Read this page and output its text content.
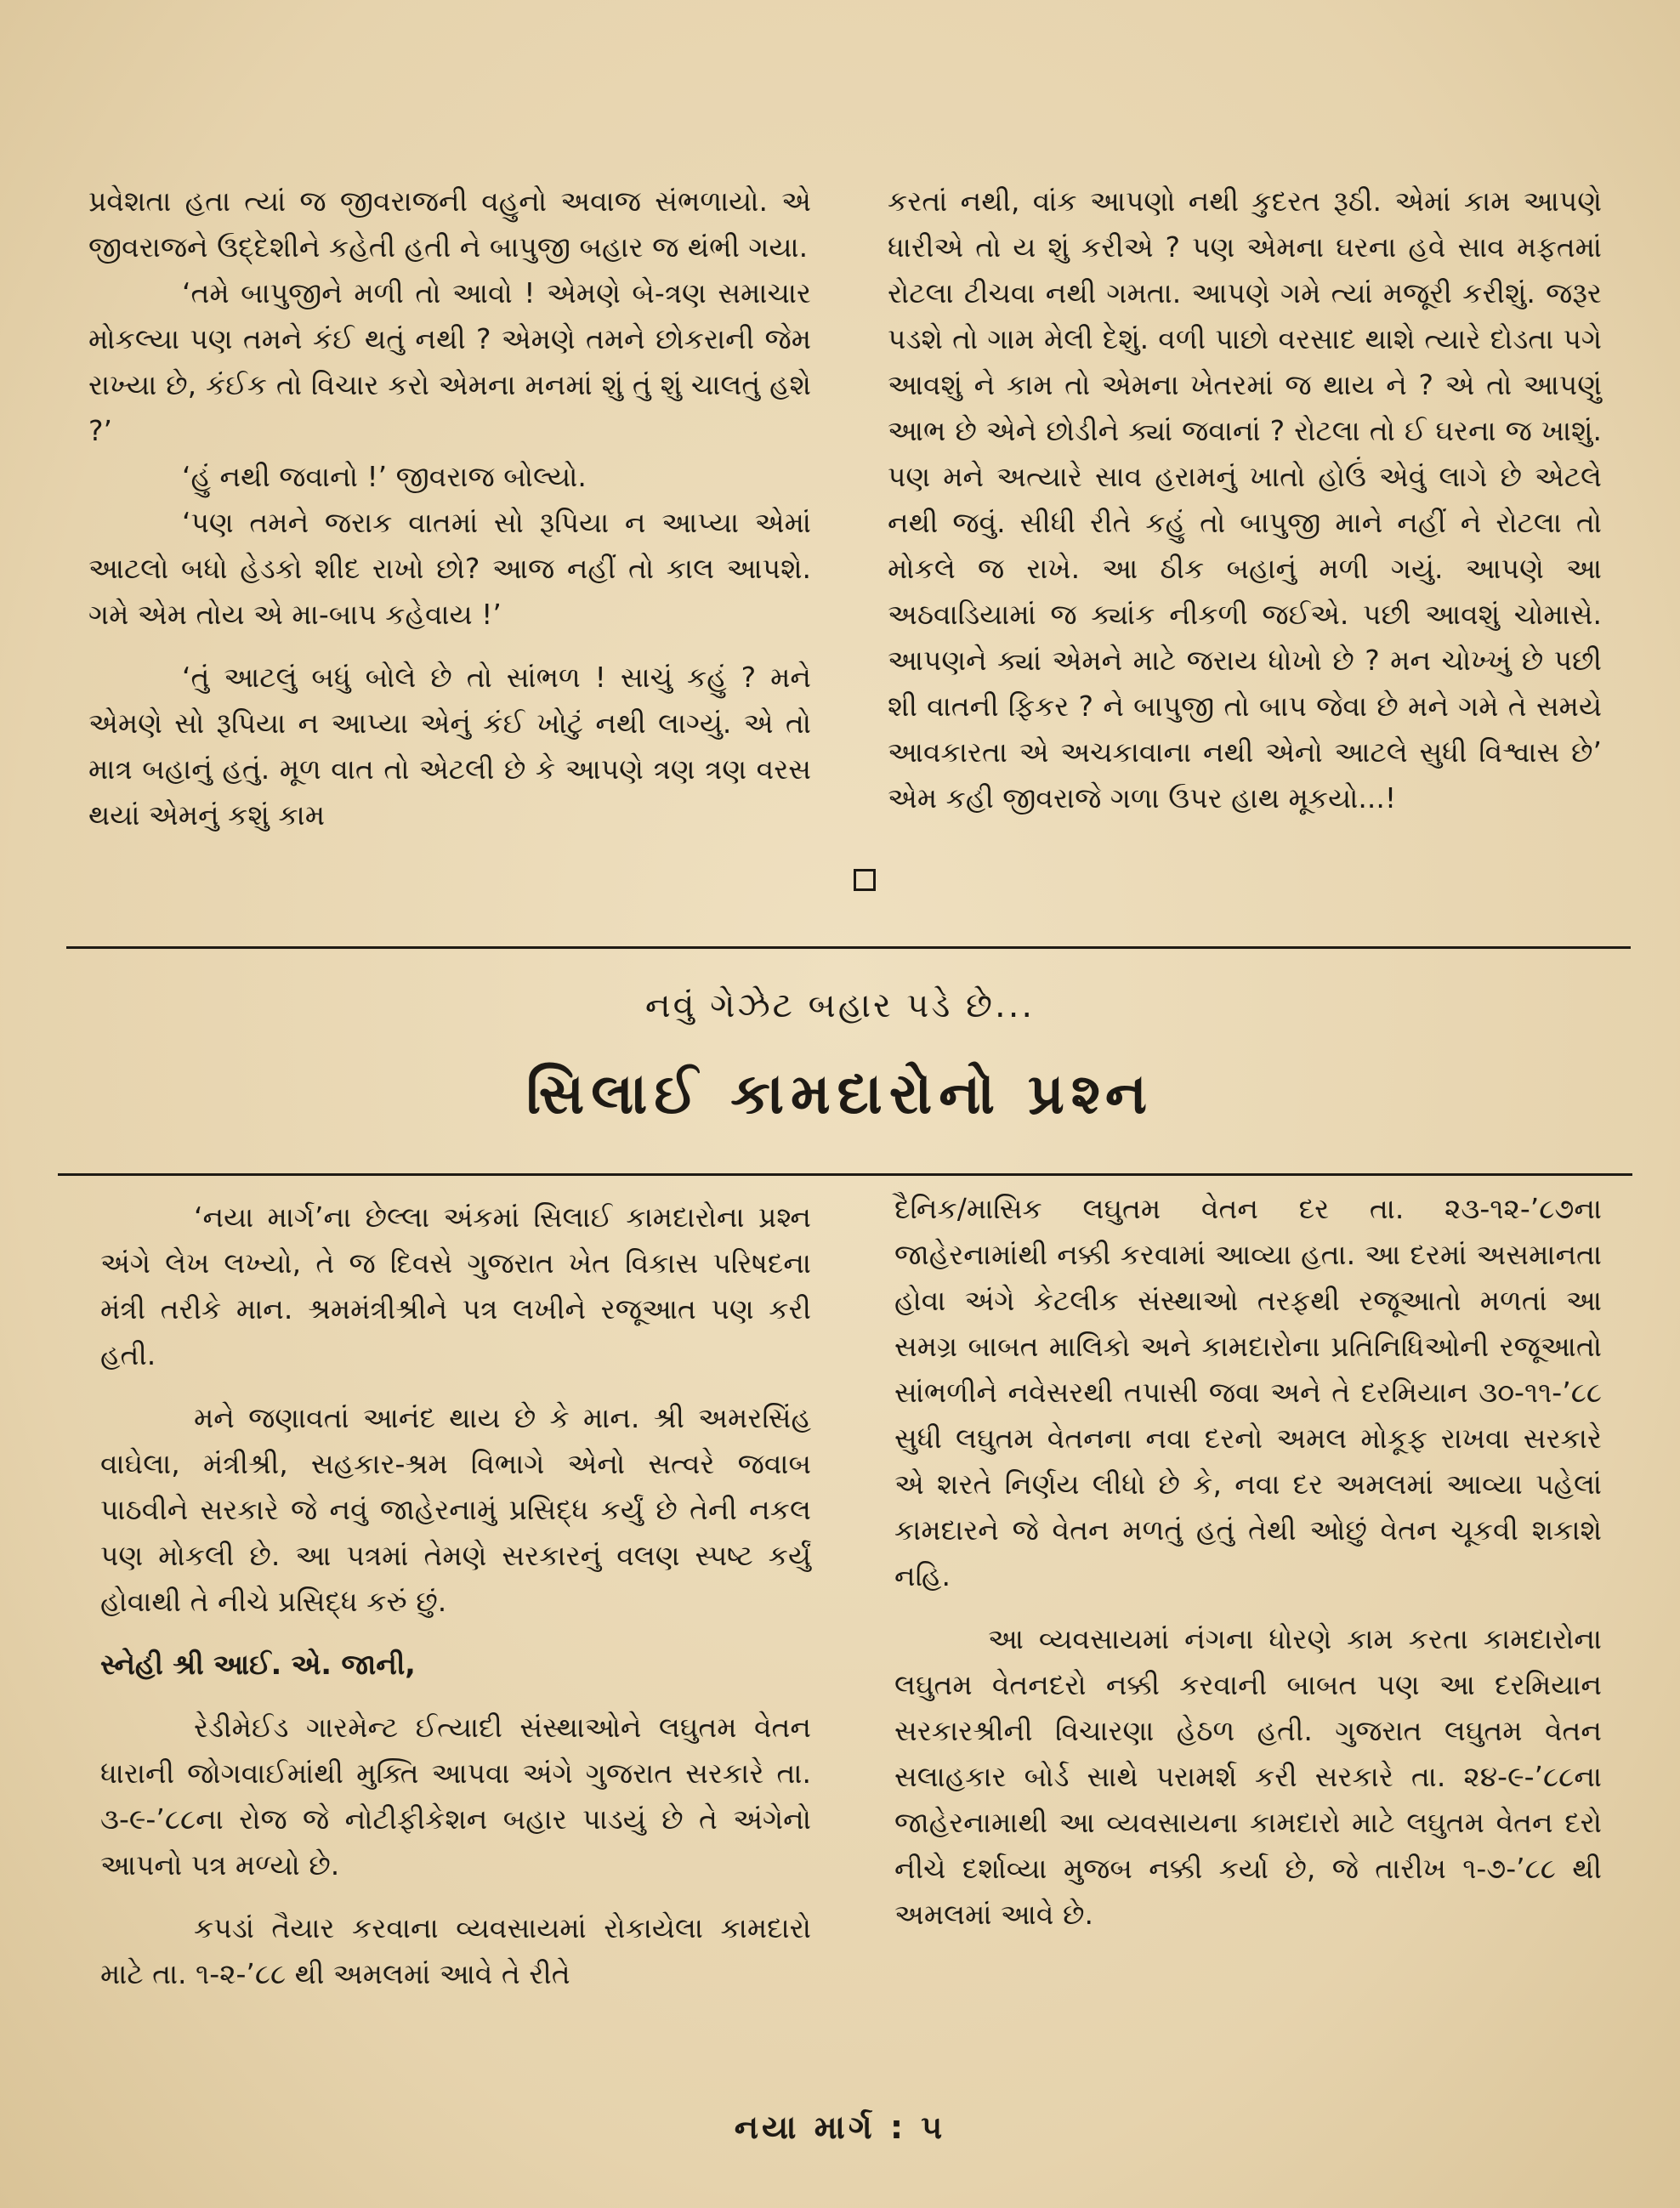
પ્રવેશતા હતા ત્યાં જ જીવરાજની વહુનો અવાજ સંભળાયો. એ જીવરાજને ઉદ્દેશીને કહેતી હતી ને બાપુજી બહાર જ થંભી ગયા.

‘તમે બાપુજીને મળી તો આવો ! એમણે બે-ત્રણ સમાચાર મોકલ્યા પણ તમને કંઈ થતું નથી ? એમણે તમને છોકરાની જેમ રાખ્યા છે, કંઈક તો વિચાર કરો એમના મનમાં શું તું શું ચાલતું હશે ?’

‘હું નથી જવાનો !’ જીવરાજ બોલ્યો.

‘પણ તમને જરાક વાતમાં સો રૂપિયા ન આપ્યા એમાં આટલો બધો હેડકો શીદ રાખો છો? આજ નહીં તો કાલ આપશે. ગમે એમ તોય એ મા-બાપ કહેવાય !’

‘તું આટલું બધું બોલે છે તો સાંભળ ! સાચું કહું ? મને એમણે સો રૂપિયા ન આપ્યા એનું કંઈ ખોટું નથી લાગ્યું. એ તો માત્ર બહાનું હતું. મૂળ વાત તો એટલી છે કે આપણે ત્રણ ત્રણ વરસ થયાં એમનું કશું કામ

કરતાં નથી, વાંક આપણો નથી કુદરત રૂઠી. એમાં કામ આપણે ધારીએ તો ય શું કરીએ ? પણ એમના ઘરના હવે સાવ મફતમાં રોટલા ટીચવા નથી ગમતા. આપણે ગમે ત્યાં મજૂરી કરીશું. જરૂર પડશે તો ગામ મેલી દેશું. વળી પાછો વરસાદ થાશે ત્યારે દોડતા પગે આવશું ને કામ તો એમના ખેતરમાં જ થાય ને ? એ તો આપણું આભ છે એને છોડીને ક્યાં જવાનાં ? રોટલા તો ઈ ઘરના જ ખાશું. પણ મને અત્યારે સાવ હરામનું ખાતો હોઉં એવું લાગે છે એટલે નથી જવું. સીધી રીતે કહું તો બાપુજી માને નહીં ને રોટલા તો મોકલે જ રાખે. આ ઠીક બહાનું મળી ગયું. આપણે આ અઠવાડિયામાં જ ક્યાંક નીકળી જઈએ. પછી આવશું ચોમાસે. આપણને ક્યાં એમને માટે જરાય ધોખો છે ? મન ચોખ્ખું છે પછી શી વાતની ફિકર ? ને બાપુજી તો બાપ જેવા છે મને ગમે તે સમયે આવકારતા એ અચકાવાના નથી એનો આટલે સુધી વિશ્વાસ છે’ એમ કહી જીવરાજે ગળા ઉપર હાથ મૂકયો...!

નવું ગેઝેટ બહાર પડે છે...
સિલાઈ કામદારોનો પ્રશ્ન

‘નયા માર્ગ’ના છેલ્લા અંકમાં સિલાઈ કામદારોના પ્રશ્ન અંગે લેખ લખ્યો, તે જ દિવસે ગુજરાત ખેત વિકાસ પરિષદના મંત્રી તરીકે માન. શ્રમમંત્રીશ્રીને પત્ર લખીને રજૂઆત પણ કરી હતી.

મને જણાવતાં આનંદ થાય છે કે માન. શ્રી અમરસિંહ વાઘેલા, મંત્રીશ્રી, સહકાર-શ્રમ વિભાગે એનો સત્વરે જવાબ પાઠવીને સરકારે જે નવું જાહેરનામું પ્રસિદ્ધ કર્યું છે તેની નકલ પણ મોકલી છે. આ પત્રમાં તેમણે સરકારનું વલણ સ્પષ્ટ કર્યું હોવાથી તે નીચે પ્રસિદ્ધ કરું છું.

સ્નેહી શ્રી આઈ. એ. જાની,

રેડીમેઈડ ગારમેન્ટ ઈત્યાદી સંસ્થાઓને લઘુતમ વેતન ધારાની જોગવાઈમાંથી મુક્તિ આપવા અંગે ગુજરાત સરકારે તા. ૩-૯-’૮૮ના રોજ જે નોટીફીકેશન બહાર પાડયું છે તે અંગેનો આપનો પત્ર મળ્યો છે.

કપડાં તૈયાર કરવાના વ્યવસાયમાં રોકાયેલા કામદારો માટે તા. ૧-૨-’૮૮ થી અમલમાં આવે તે રીતે

દૈનિક/માસિક લઘુતમ વેતન દર તા. ૨૩-૧૨-’૮૭ના જાહેરનામાંથી નક્કી કરવામાં આવ્યા હતા. આ દરમાં અસમાનતા હોવા અંગે કેટલીક સંસ્થાઓ તરફથી રજૂઆતો મળતાં આ સમગ્ર બાબત માલિકો અને કામદારોના પ્રતિનિધિઓની રજૂઆતો સાંભળીને નવેસરથી તપાસી જવા અને તે દરમિયાન ૩૦-૧૧-’૮૮ સુધી લઘુતમ વેતનના નવા દરનો અમલ મોકૂફ રાખવા સરકારે એ શરતે નિર્ણય લીધો છે કે, નવા દર અમલમાં આવ્યા પહેલાં કામદારને જે વેતન મળતું હતું તેથી ઓછું વેતન ચૂકવી શકાશે નહિ.

આ વ્યવસાયમાં નંગના ધોરણે કામ કરતા કામદારોના લઘુતમ વેતનદરો નક્કી કરવાની બાબત પણ આ દરમિયાન સરકારશ્રીની વિચારણા હેઠળ હતી. ગુજરાત લઘુતમ વેતન સલાહકાર બોર્ડ સાથે પરામર્શ કરી સરકારે તા. ૨૪-૯-’૮૮ના જાહેરનામાથી આ વ્યવસાયના કામદારો માટે લઘુતમ વેતન દરો નીચે દર્શાવ્યા મુજબ નક્કી કર્યા છે, જે તારીખ ૧-૭-’૮૮ થી અમલમાં આવે છે.

નયા માર્ગ : ૫
